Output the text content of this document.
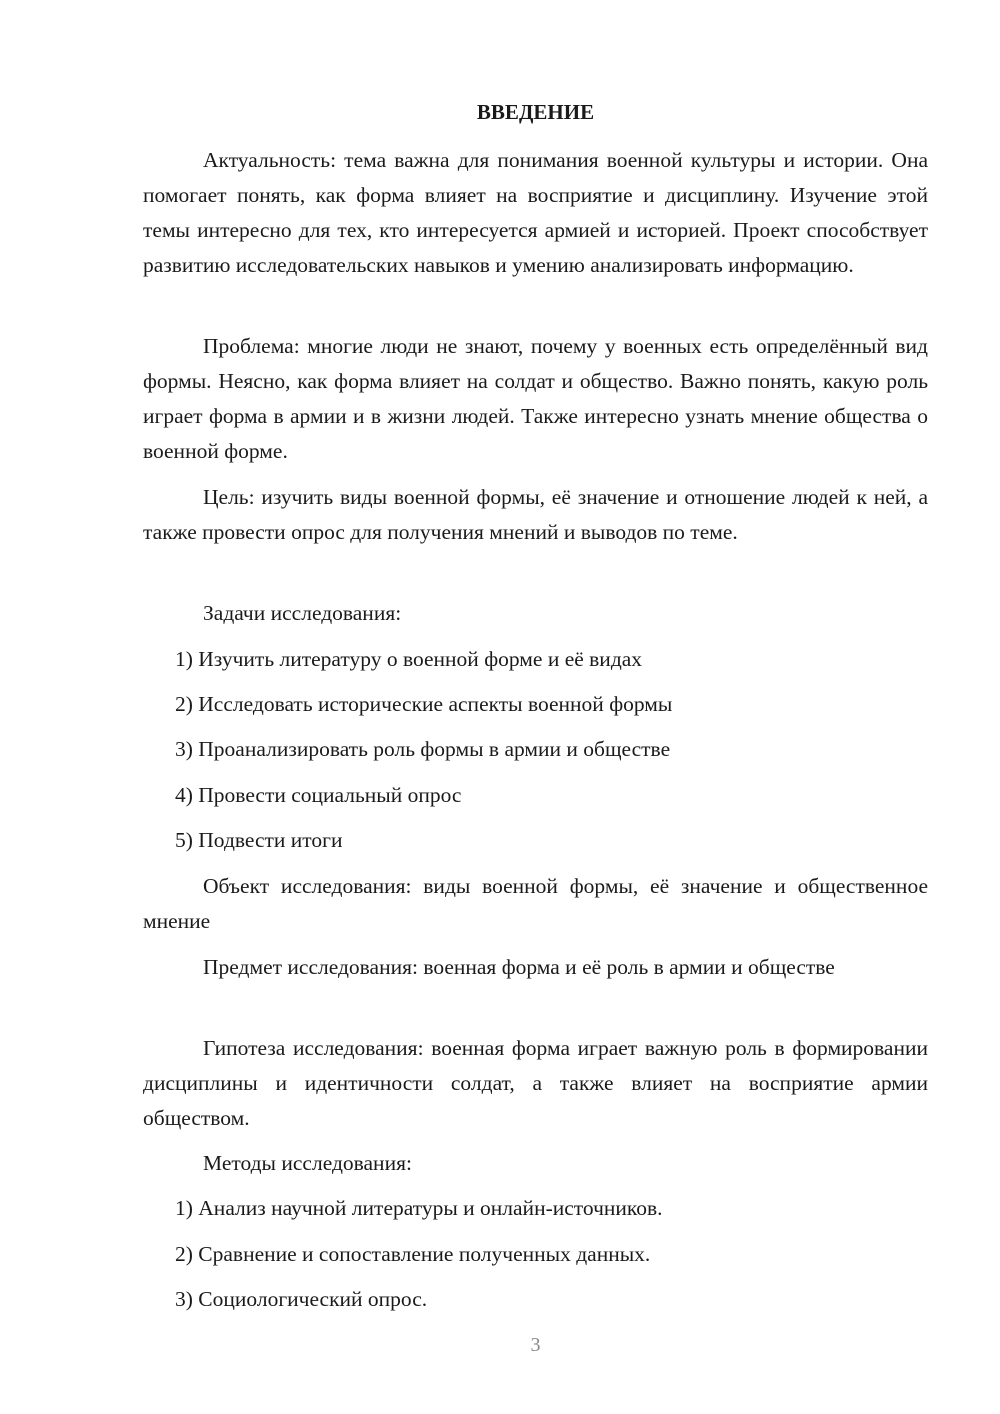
ВВЕДЕНИЕ

Актуальность: тема важна для понимания военной культуры и истории. Она помогает понять, как форма влияет на восприятие и дисциплину. Изучение этой темы интересно для тех, кто интересуется армией и историей. Проект способствует развитию исследовательских навыков и умению анализировать информацию.

Проблема: многие люди не знают, почему у военных есть определённый вид формы. Неясно, как форма влияет на солдат и общество. Важно понять, какую роль играет форма в армии и в жизни людей. Также интересно узнать мнение общества о военной форме.

Цель: изучить виды военной формы, её значение и отношение людей к ней, а также провести опрос для получения мнений и выводов по теме.

Задачи исследования:

1) Изучить литературу о военной форме и её видах

2) Исследовать исторические аспекты военной формы

3) Проанализировать роль формы в армии и обществе

4) Провести социальный опрос

5) Подвести итоги

Объект исследования: виды военной формы, её значение и общественное мнение

Предмет исследования: военная форма и её роль в армии и обществе

Гипотеза исследования: военная форма играет важную роль в формировании дисциплины и идентичности солдат, а также влияет на восприятие армии обществом.

Методы исследования:

1) Анализ научной литературы и онлайн-источников.

2) Сравнение и сопоставление полученных данных.

3) Социологический опрос.

3
